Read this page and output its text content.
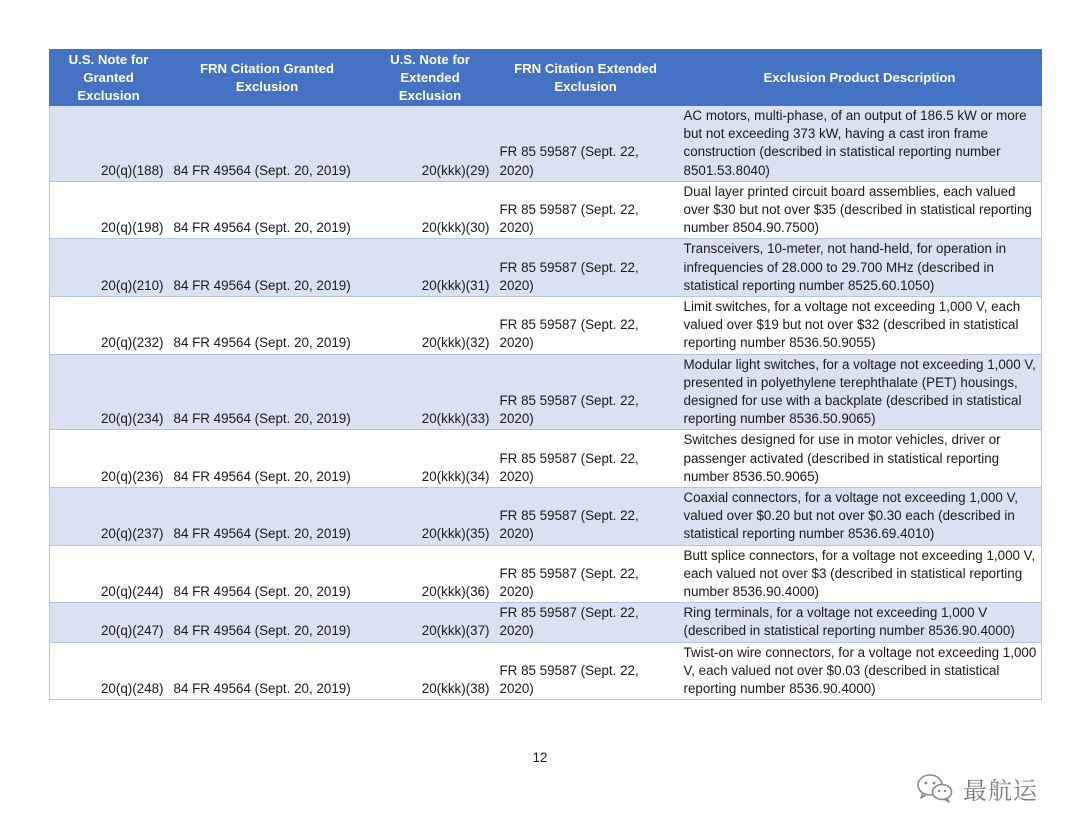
U.S. Note for Granted Exclusion	FRN Citation Granted Exclusion	U.S. Note for Extended Exclusion	FRN Citation Extended Exclusion	Exclusion Product Description
20(q)(188)	84 FR 49564 (Sept. 20, 2019)	20(kkk)(29)	FR 85 59587 (Sept. 22, 2020)	AC motors, multi-phase, of an output of 186.5 kW or more but not exceeding 373 kW, having a cast iron frame construction (described in statistical reporting number 8501.53.8040)
20(q)(198)	84 FR 49564 (Sept. 20, 2019)	20(kkk)(30)	FR 85 59587 (Sept. 22, 2020)	Dual layer printed circuit board assemblies, each valued over $30 but not over $35 (described in statistical reporting number 8504.90.7500)
20(q)(210)	84 FR 49564 (Sept. 20, 2019)	20(kkk)(31)	FR 85 59587 (Sept. 22, 2020)	Transceivers, 10-meter, not hand-held, for operation in infrequencies of 28.000 to 29.700 MHz (described in statistical reporting number 8525.60.1050)
20(q)(232)	84 FR 49564 (Sept. 20, 2019)	20(kkk)(32)	FR 85 59587 (Sept. 22, 2020)	Limit switches, for a voltage not exceeding 1,000 V, each valued over $19 but not over $32 (described in statistical reporting number 8536.50.9055)
20(q)(234)	84 FR 49564 (Sept. 20, 2019)	20(kkk)(33)	FR 85 59587 (Sept. 22, 2020)	Modular light switches, for a voltage not exceeding 1,000 V, presented in polyethylene terephthalate (PET) housings, designed for use with a backplate (described in statistical reporting number 8536.50.9065)
20(q)(236)	84 FR 49564 (Sept. 20, 2019)	20(kkk)(34)	FR 85 59587 (Sept. 22, 2020)	Switches designed for use in motor vehicles, driver or passenger activated (described in statistical reporting number 8536.50.9065)
20(q)(237)	84 FR 49564 (Sept. 20, 2019)	20(kkk)(35)	FR 85 59587 (Sept. 22, 2020)	Coaxial connectors, for a voltage not exceeding 1,000 V, valued over $0.20 but not over $0.30 each (described in statistical reporting number 8536.69.4010)
20(q)(244)	84 FR 49564 (Sept. 20, 2019)	20(kkk)(36)	FR 85 59587 (Sept. 22, 2020)	Butt splice connectors, for a voltage not exceeding 1,000 V, each valued not over $3 (described in statistical reporting number 8536.90.4000)
20(q)(247)	84 FR 49564 (Sept. 20, 2019)	20(kkk)(37)	FR 85 59587 (Sept. 22, 2020)	Ring terminals, for a voltage not exceeding 1,000 V (described in statistical reporting number 8536.90.4000)
20(q)(248)	84 FR 49564 (Sept. 20, 2019)	20(kkk)(38)	FR 85 59587 (Sept. 22, 2020)	Twist-on wire connectors, for a voltage not exceeding 1,000 V, each valued not over $0.03 (described in statistical reporting number 8536.90.4000)
12
最航运
